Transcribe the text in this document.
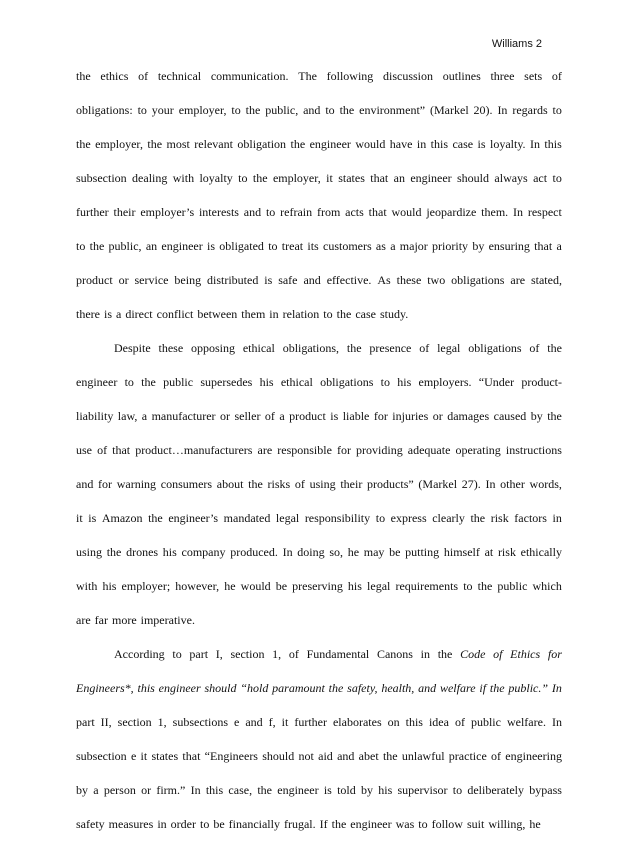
Williams 2
the ethics of technical communication. The following discussion outlines three sets of
obligations: to your employer, to the public, and to the environment” (Markel 20). In regards to
the employer, the most relevant obligation the engineer would have in this case is loyalty. In this
subsection dealing with loyalty to the employer, it states that an engineer should always act to
further their employer’s interests and to refrain from acts that would jeopardize them. In respect
to the public, an engineer is obligated to treat its customers as a major priority by ensuring that a
product or service being distributed is safe and effective. As these two obligations are stated,
there is a direct conflict between them in relation to the case study.
Despite these opposing ethical obligations, the presence of legal obligations of the
engineer to the public supersedes his ethical obligations to his employers. “Under product-
liability law, a manufacturer or seller of a product is liable for injuries or damages caused by the
use of that product…manufacturers are responsible for providing adequate operating instructions
and for warning consumers about the risks of using their products” (Markel 27). In other words,
it is Amazon the engineer’s mandated legal responsibility to express clearly the risk factors in
using the drones his company produced. In doing so, he may be putting himself at risk ethically
with his employer; however, he would be preserving his legal requirements to the public which
are far more imperative.
According to part I, section 1, of Fundamental Canons in the Code of Ethics for
Engineers*, this engineer should “hold paramount the safety, health, and welfare if the public.” In
part II, section 1, subsections e and f, it further elaborates on this idea of public welfare. In
subsection e it states that “Engineers should not aid and abet the unlawful practice of engineering
by a person or firm.” In this case, the engineer is told by his supervisor to deliberately bypass
safety measures in order to be financially frugal. If the engineer was to follow suit willing, he
